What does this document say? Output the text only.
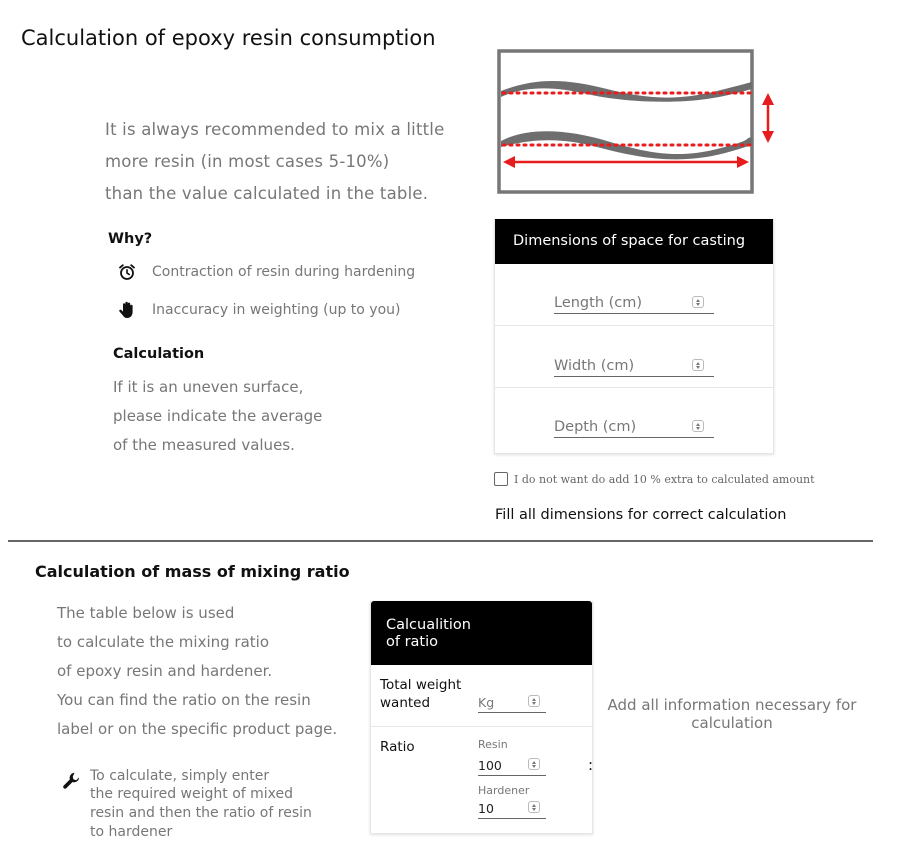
Calculation of epoxy resin consumption
It is always recommended to mix a little
more resin (in most cases 5-10%)
than the value calculated in the table.
Why?
Contraction of resin during hardening
Inaccuracy in weighting (up to you)
Calculation
If it is an uneven surface,
please indicate the average
of the measured values.
Dimensions of space for casting
Length (cm)
Width (cm)
Depth (cm)
I do not want do add 10 % extra to calculated amount
Fill all dimensions for correct calculation
Calculation of mass of mixing ratio
The table below is used
to calculate the mixing ratio
of epoxy resin and hardener.
You can find the ratio on the resin
label or on the specific product page.
To calculate, simply enter
the required weight of mixed
resin and then the ratio of resin
to hardener
Calcualition
of ratio
Total weight
wanted
Kg
Ratio	Resin
100
Hardener
10
:
Add all information necessary for calculation
